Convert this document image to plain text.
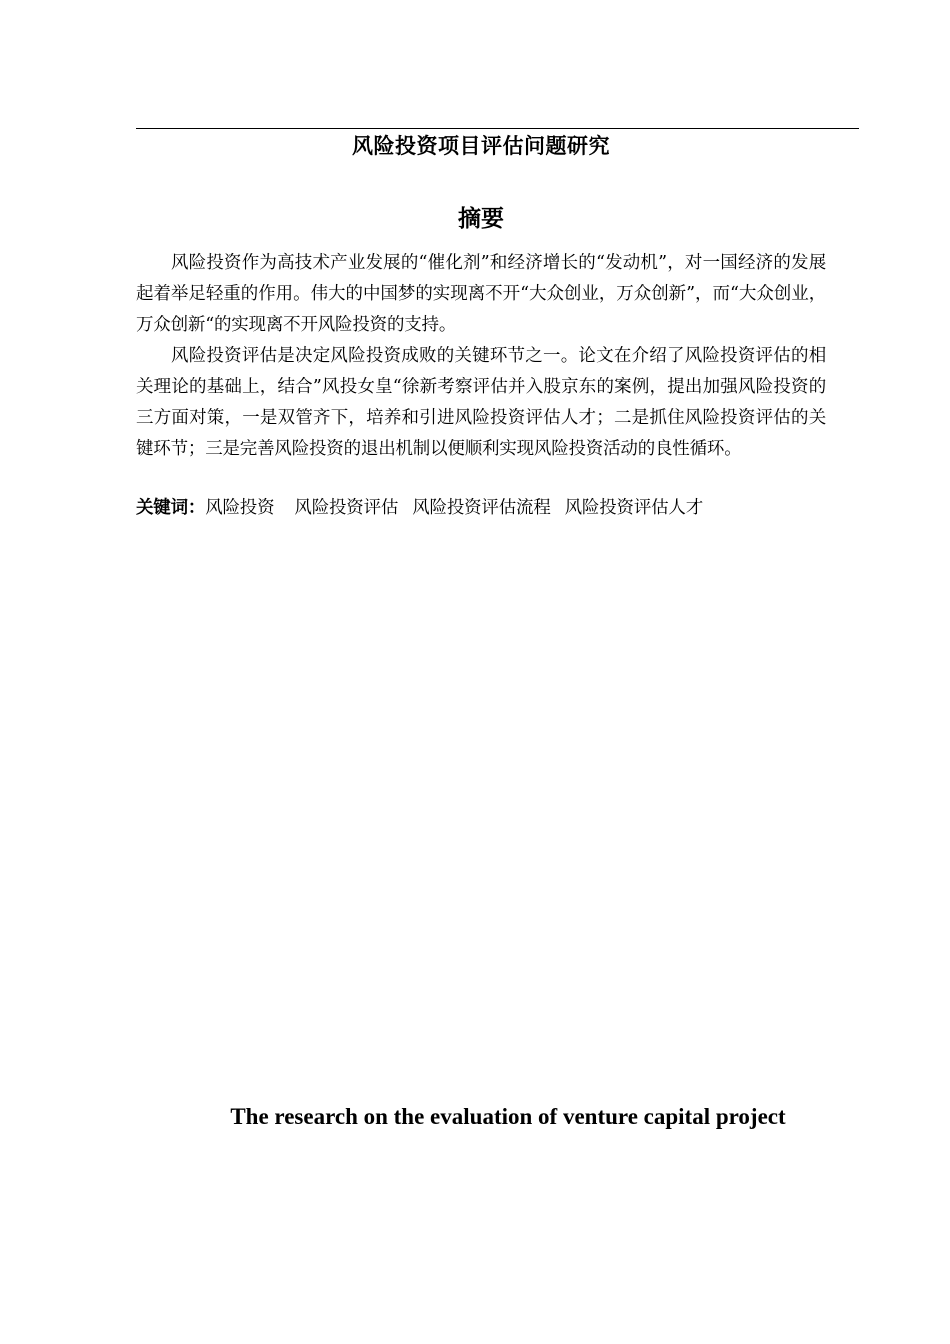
风险投资项目评估问题研究
摘要

风险投资作为高技术产业发展的“催化剂”和经济增长的“发动机”，对一国经济的发展起着举足轻重的作用。伟大的中国梦的实现离不开“大众创业，万众创新”，而“大众创业，万众创新“的实现离不开风险投资的支持。

风险投资评估是决定风险投资成败的关键环节之一。论文在介绍了风险投资评估的相关理论的基础上，结合”风投女皇“徐新考察评估并入股京东的案例，提出加强风险投资的三方面对策，一是双管齐下，培养和引进风险投资评估人才；二是抓住风险投资评估的关键环节；三是完善风险投资的退出机制以便顺利实现风险投资活动的良性循环。

关键词：风险投资 风险投资评估 风险投资评估流程 风险投资评估人才
The research on the evaluation of venture capital project
